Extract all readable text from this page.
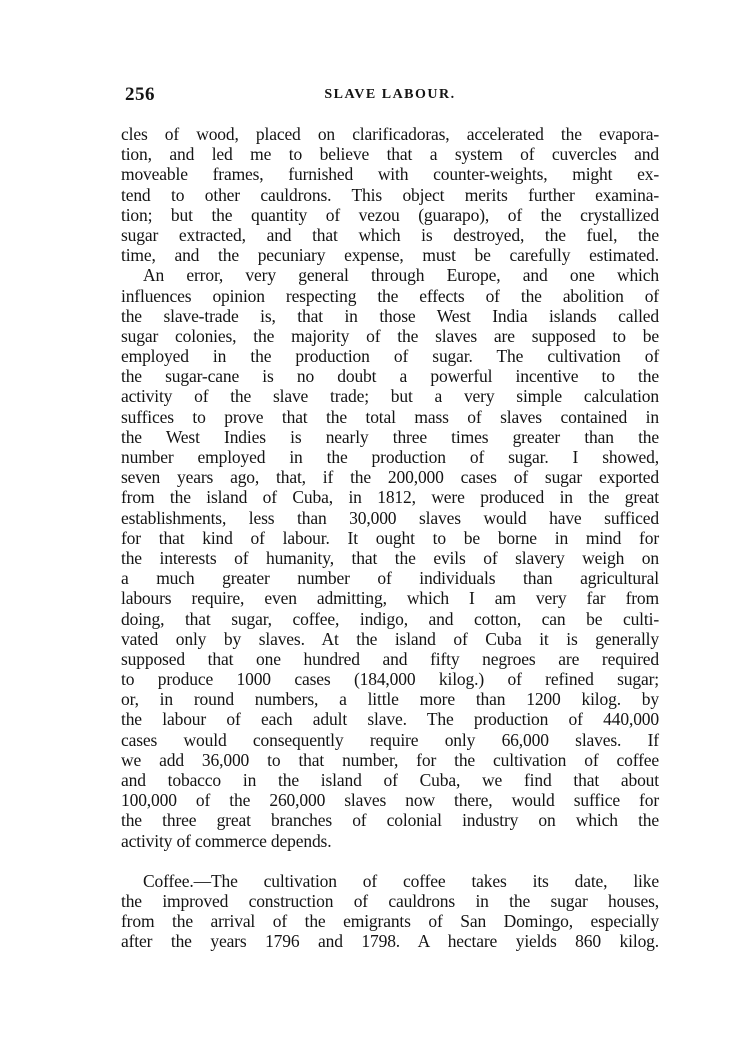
256	SLAVE LABOUR.
cles of wood, placed on clarificadoras, accelerated the evapora-
tion, and led me to believe that a system of cuvercles and
moveable frames, furnished with counter-weights, might ex-
tend to other cauldrons. This object merits further examina-
tion; but the quantity of vezou (guarapo), of the crystallized
sugar extracted, and that which is destroyed, the fuel, the
time, and the pecuniary expense, must be carefully estimated.
An error, very general through Europe, and one which
influences opinion respecting the effects of the abolition of
the slave-trade is, that in those West India islands called
sugar colonies, the majority of the slaves are supposed to be
employed in the production of sugar. The cultivation of
the sugar-cane is no doubt a powerful incentive to the
activity of the slave trade; but a very simple calculation
suffices to prove that the total mass of slaves contained in
the West Indies is nearly three times greater than the
number employed in the production of sugar. I showed,
seven years ago, that, if the 200,000 cases of sugar exported
from the island of Cuba, in 1812, were produced in the great
establishments, less than 30,000 slaves would have sufficed
for that kind of labour. It ought to be borne in mind for
the interests of humanity, that the evils of slavery weigh on
a much greater number of individuals than agricultural
labours require, even admitting, which I am very far from
doing, that sugar, coffee, indigo, and cotton, can be culti-
vated only by slaves. At the island of Cuba it is generally
supposed that one hundred and fifty negroes are required
to produce 1000 cases (184,000 kilog.) of refined sugar;
or, in round numbers, a little more than 1200 kilog. by
the labour of each adult slave. The production of 440,000
cases would consequently require only 66,000 slaves. If
we add 36,000 to that number, for the cultivation of coffee
and tobacco in the island of Cuba, we find that about
100,000 of the 260,000 slaves now there, would suffice for
the three great branches of colonial industry on which the
activity of commerce depends.
Coffee.—The cultivation of coffee takes its date, like
the improved construction of cauldrons in the sugar houses,
from the arrival of the emigrants of San Domingo, especially
after the years 1796 and 1798. A hectare yields 860 kilog.
